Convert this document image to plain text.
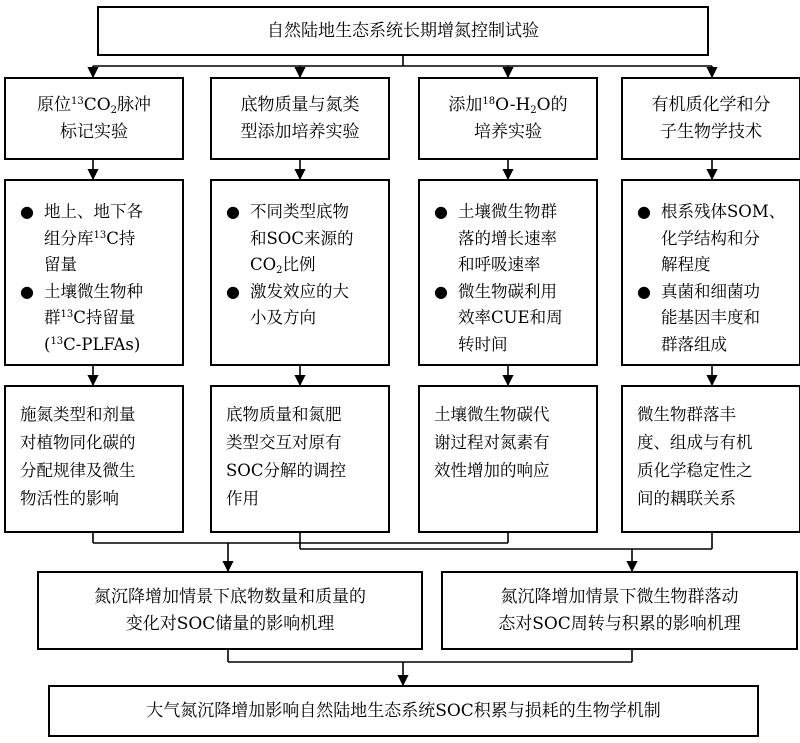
自然陆地生态系统长期增氮控制试验
原位$^{13}CO_2$脉冲
标记实验
底物质量与氮类
型添加培养实验
添加$^{18}O-H_2O$的
培养实验
有机质化学和分
子生物学技术
● 地上、地下各
组分库$^{13}$C持
留量
● 土壤微生物种
群$^{13}$C持留量
($^{13}$C-PLFAs)
● 不同类型底物
和SOC来源的
$CO_2$比例
● 激发效应的大
小及方向
● 土壤微生物群
落的增长速率
和呼吸速率
● 微生物碳利用
效率CUE和周
转时间
● 根系残体SOM、
化学结构和分
解程度
● 真菌和细菌功
能基因丰度和
群落组成
施氮类型和剂量
对植物同化碳的
分配规律及微生
物活性的影响
底物质量和氮肥
类型交互对原有
SOC分解的调控
作用
土壤微生物碳代
谢过程对氮素有
效性增加的响应
微生物群落丰
度、组成与有机
质化学稳定性之
间的耦联关系
氮沉降增加情景下底物数量和质量的
变化对SOC储量的影响机理
氮沉降增加情景下微生物群落动
态对SOC周转与积累的影响机理
大气氮沉降增加影响自然陆地生态系统SOC积累与损耗的生物学机制
